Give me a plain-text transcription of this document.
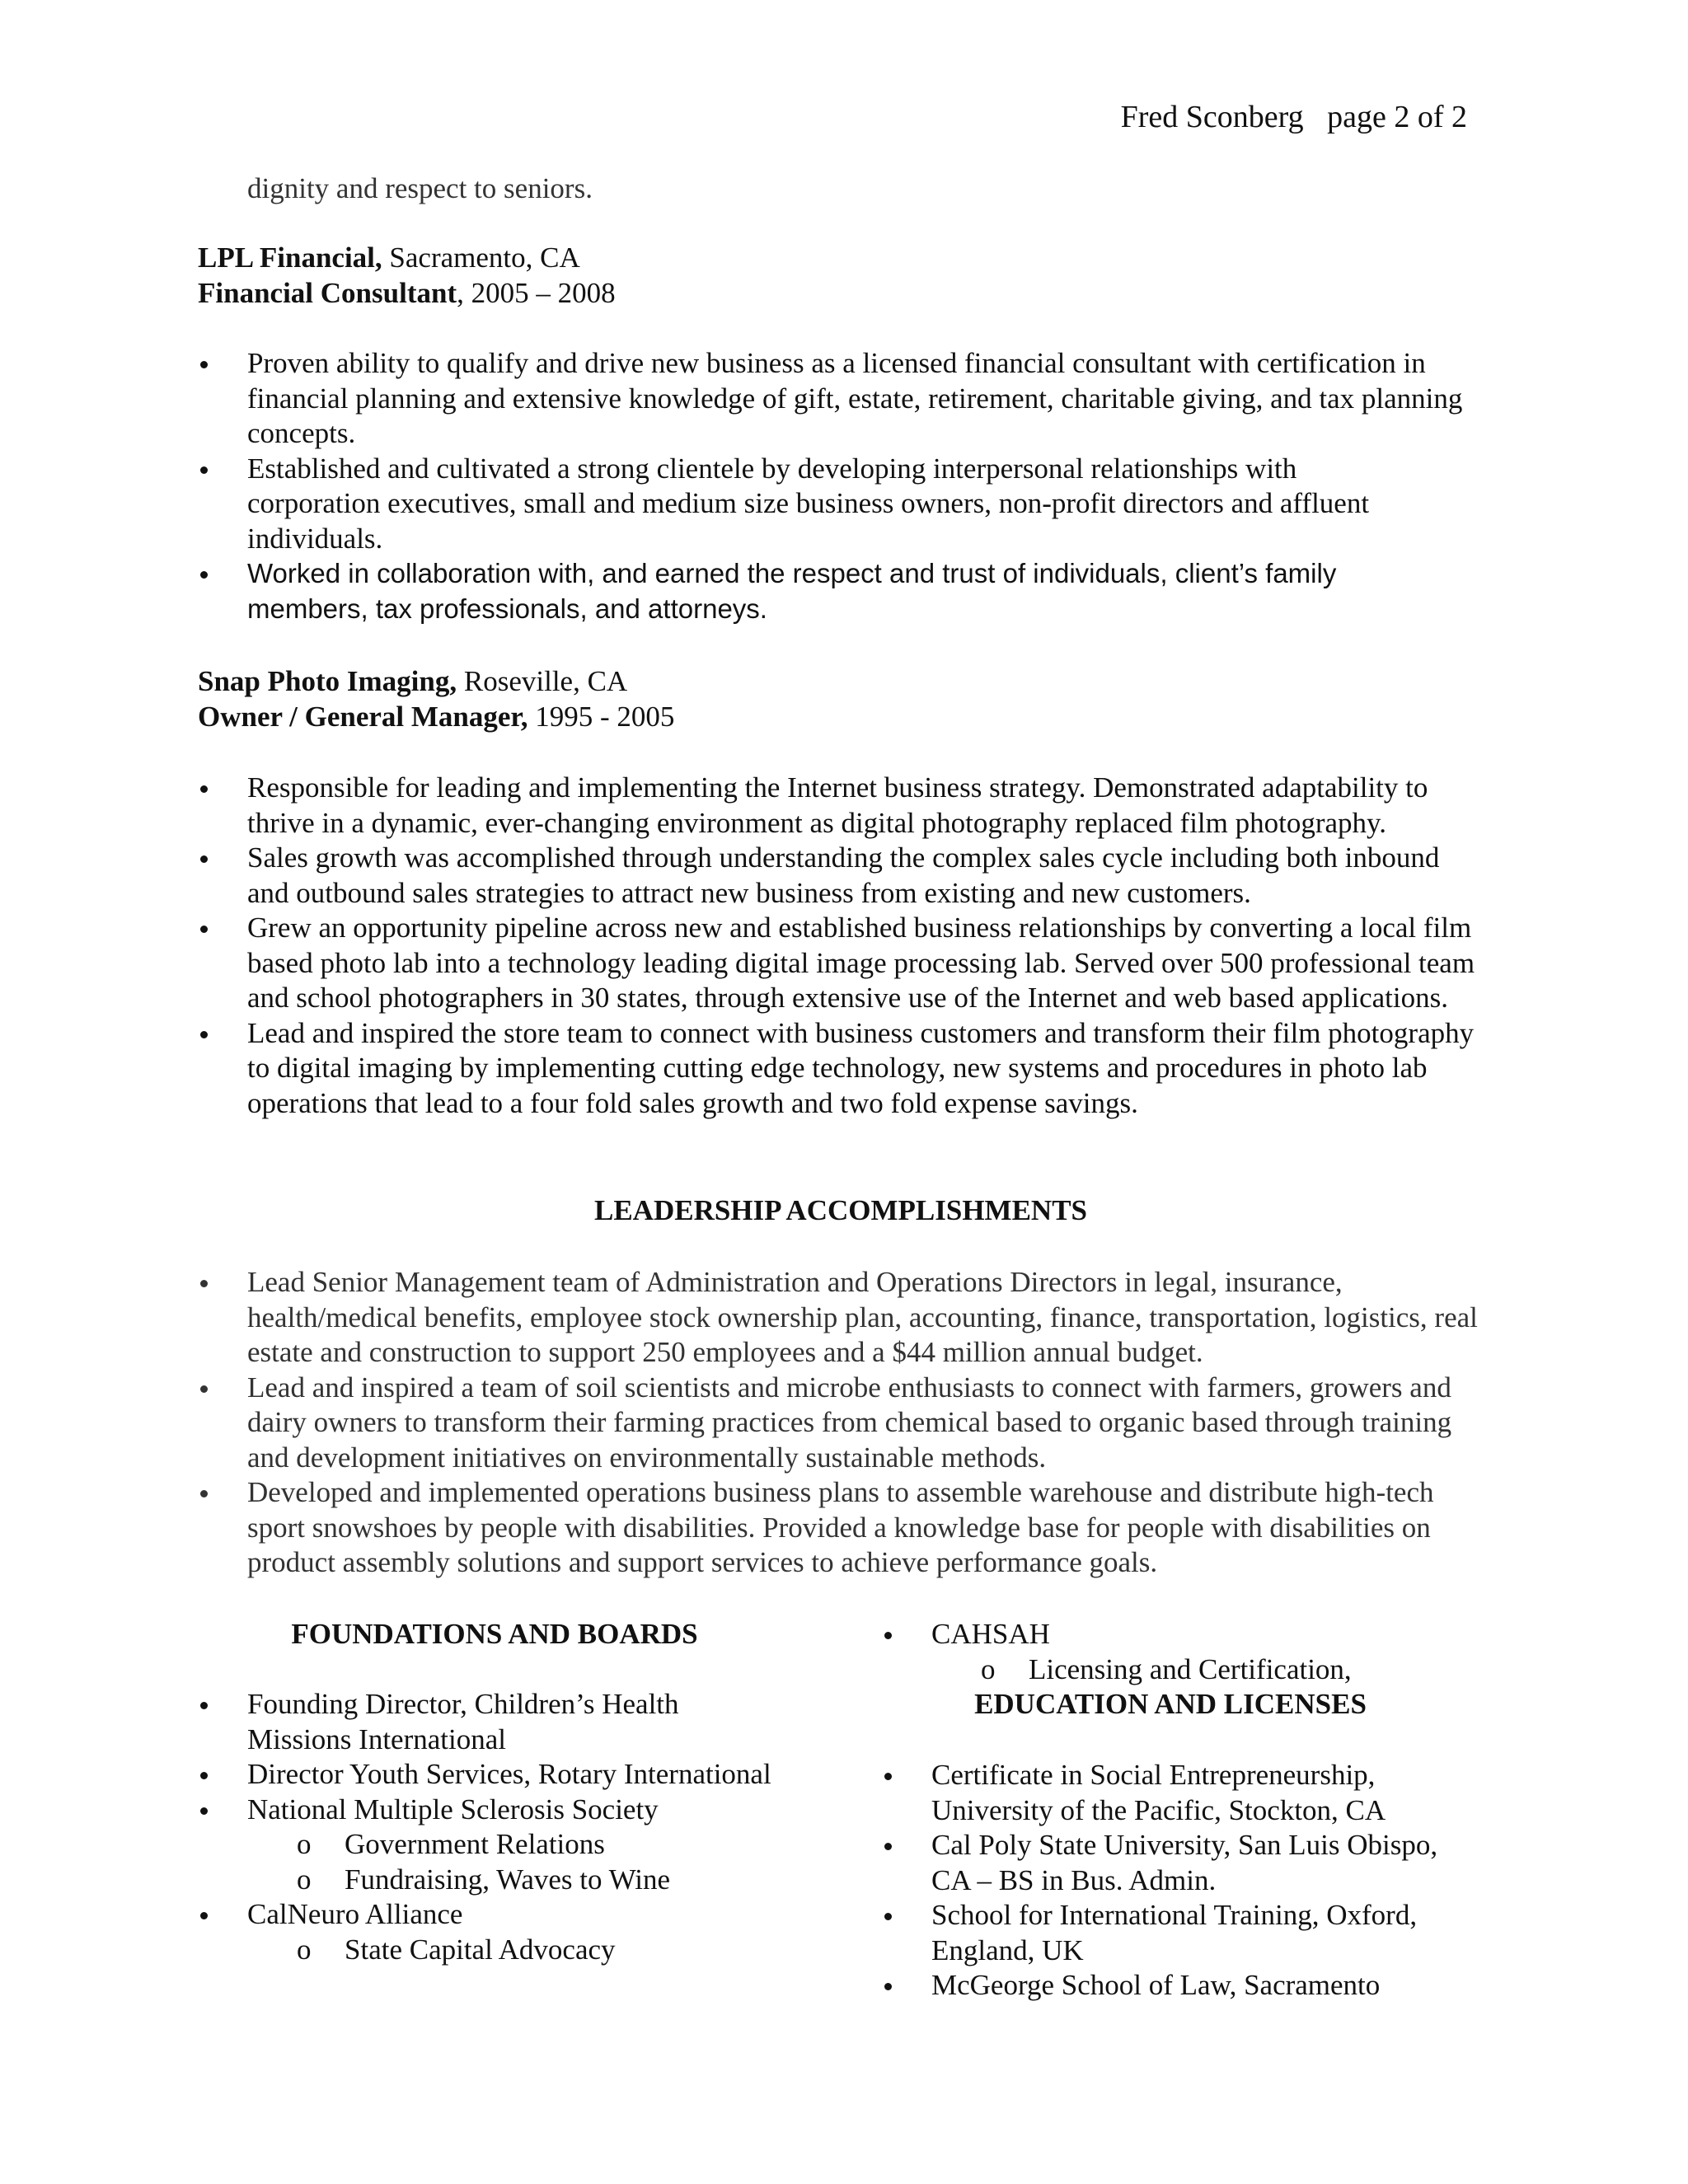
Fred Sconberg page 2 of 2
dignity and respect to seniors.
LPL Financial, Sacramento, CA
Financial Consultant, 2005 – 2008
Proven ability to qualify and drive new business as a licensed financial consultant with certification in financial planning and extensive knowledge of gift, estate, retirement, charitable giving, and tax planning concepts.
Established and cultivated a strong clientele by developing interpersonal relationships with corporation executives, small and medium size business owners, non-profit directors and affluent individuals.
Worked in collaboration with, and earned the respect and trust of individuals, client’s family members, tax professionals, and attorneys.
Snap Photo Imaging, Roseville, CA
Owner / General Manager, 1995 - 2005
Responsible for leading and implementing the Internet business strategy. Demonstrated adaptability to thrive in a dynamic, ever-changing environment as digital photography replaced film photography.
Sales growth was accomplished through understanding the complex sales cycle including both inbound and outbound sales strategies to attract new business from existing and new customers.
Grew an opportunity pipeline across new and established business relationships by converting a local film based photo lab into a technology leading digital image processing lab. Served over 500 professional team and school photographers in 30 states, through extensive use of the Internet and web based applications.
Lead and inspired the store team to connect with business customers and transform their film photography to digital imaging by implementing cutting edge technology, new systems and procedures in photo lab operations that lead to a four fold sales growth and two fold expense savings.
LEADERSHIP ACCOMPLISHMENTS
Lead Senior Management team of Administration and Operations Directors in legal, insurance, health/medical benefits, employee stock ownership plan, accounting, finance, transportation, logistics, real estate and construction to support 250 employees and a $44 million annual budget.
Lead and inspired a team of soil scientists and microbe enthusiasts to connect with farmers, growers and dairy owners to transform their farming practices from chemical based to organic based through training and development initiatives on environmentally sustainable methods.
Developed and implemented operations business plans to assemble warehouse and distribute high-tech sport snowshoes by people with disabilities. Provided a knowledge base for people with disabilities on product assembly solutions and support services to achieve performance goals.
FOUNDATIONS AND BOARDS
Founding Director, Children’s Health Missions International
Director Youth Services, Rotary International
National Multiple Sclerosis Society
o Government Relations
o Fundraising, Waves to Wine
CalNeuro Alliance
o State Capital Advocacy
CAHSAH
o Licensing and Certification,
EDUCATION AND LICENSES
Certificate in Social Entrepreneurship, University of the Pacific, Stockton, CA
Cal Poly State University, San Luis Obispo, CA – BS in Bus. Admin.
School for International Training, Oxford, England, UK
McGeorge School of Law, Sacramento
